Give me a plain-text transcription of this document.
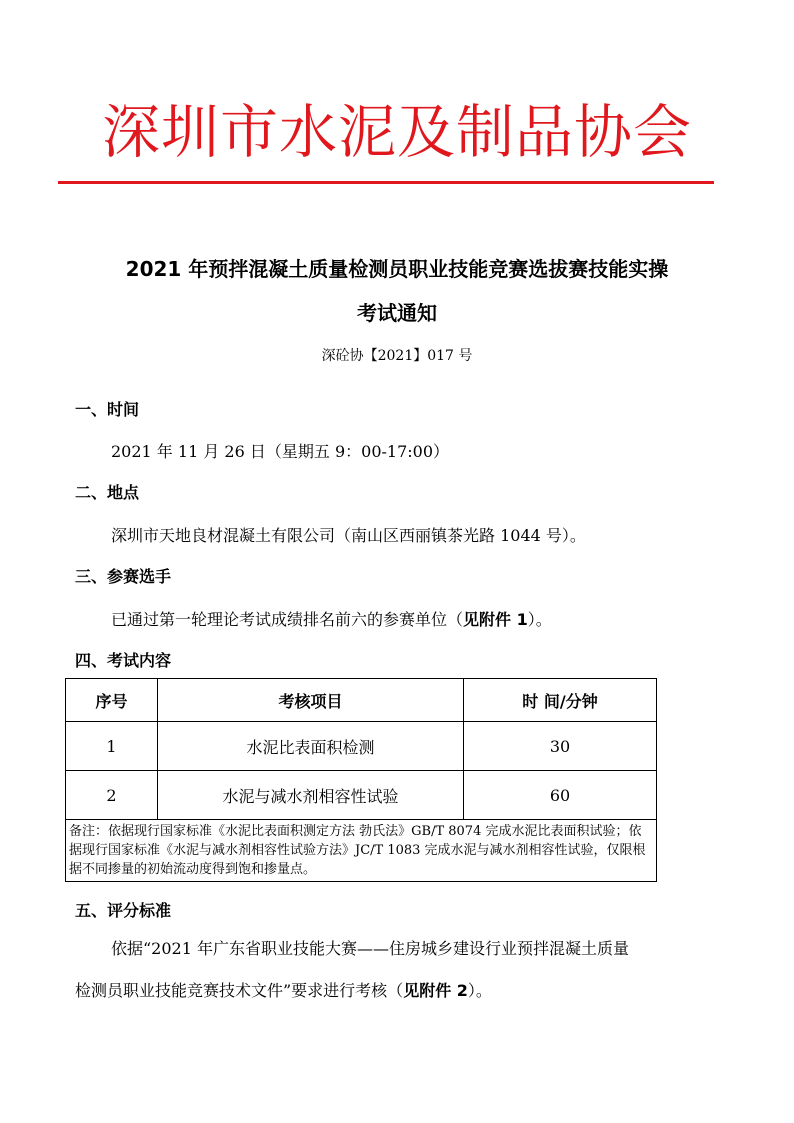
深圳市水泥及制品协会
2021 年预拌混凝土质量检测员职业技能竞赛选拔赛技能实操
考试通知
深砼协【2021】017 号
一、时间
2021 年 11 月 26 日（星期五 9：00-17:00）
二、地点
深圳市天地良材混凝土有限公司（南山区西丽镇茶光路 1044 号）。
三、参赛选手
已通过第一轮理论考试成绩排名前六的参赛单位（见附件 1）。
四、考试内容
序号	考核项目	时 间/分钟
1	水泥比表面积检测	30
2	水泥与减水剂相容性试验	60
备注：依据现行国家标准《水泥比表面积测定方法 勃氏法》GB/T 8074 完成水泥比表面积试验；依据现行国家标准《水泥与减水剂相容性试验方法》JC/T 1083 完成水泥与减水剂相容性试验，仅限根据不同掺量的初始流动度得到饱和掺量点。		
五、评分标准
依据“2021 年广东省职业技能大赛——住房城乡建设行业预拌混凝土质量
检测员职业技能竞赛技术文件”要求进行考核（见附件 2）。
